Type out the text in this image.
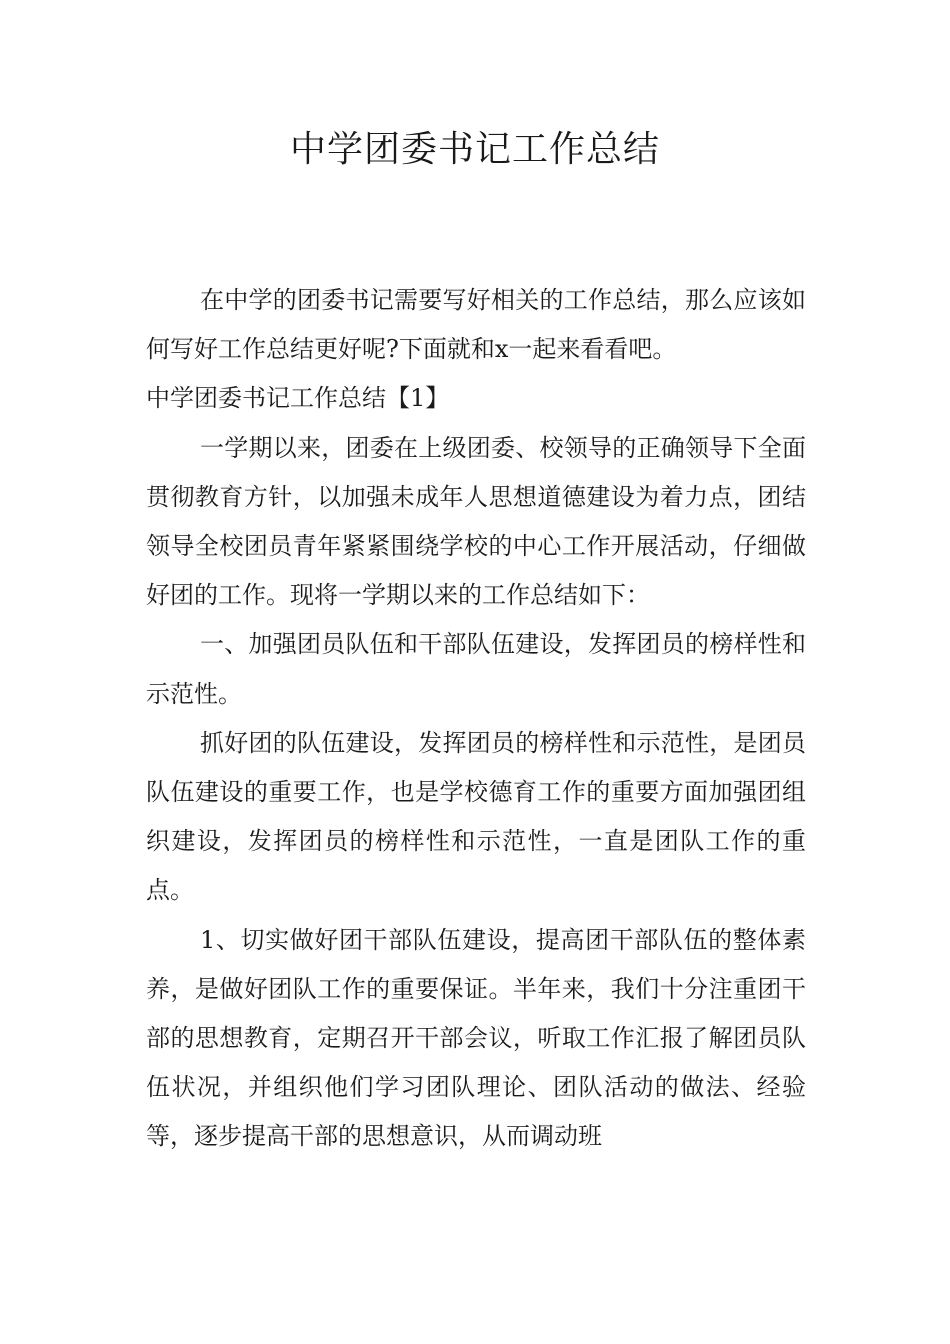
中学团委书记工作总结

在中学的团委书记需要写好相关的工作总结，那么应该如何写好工作总结更好呢?下面就和x一起来看看吧。

中学团委书记工作总结【1】

一学期以来，团委在上级团委、校领导的正确领导下全面贯彻教育方针，以加强未成年人思想道德建设为着力点，团结领导全校团员青年紧紧围绕学校的中心工作开展活动，仔细做好团的工作。现将一学期以来的工作总结如下：

一、加强团员队伍和干部队伍建设，发挥团员的榜样性和示范性。

抓好团的队伍建设，发挥团员的榜样性和示范性，是团员队伍建设的重要工作，也是学校德育工作的重要方面加强团组织建设，发挥团员的榜样性和示范性，一直是团队工作的重点。

1、切实做好团干部队伍建设，提高团干部队伍的整体素养，是做好团队工作的重要保证。半年来，我们十分注重团干部的思想教育，定期召开干部会议，听取工作汇报了解团员队伍状况，并组织他们学习团队理论、团队活动的做法、经验等，逐步提高干部的思想意识，从而调动班
